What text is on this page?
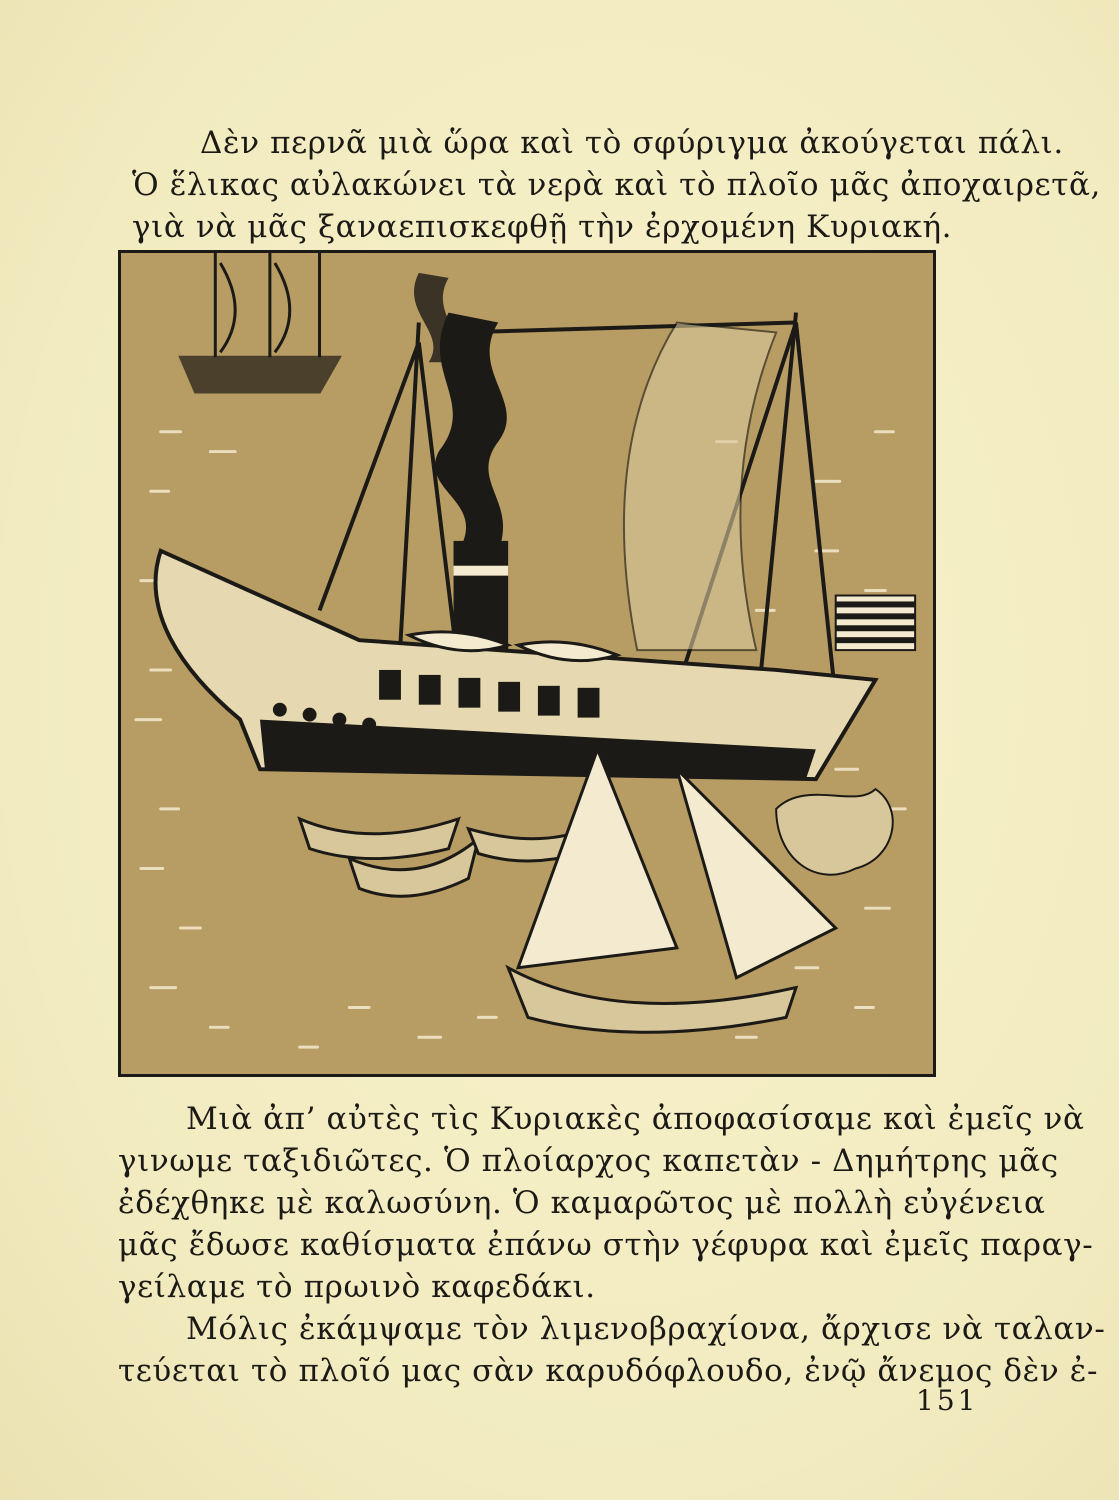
Δὲν περνᾶ μιὰ ὥρα καὶ τὸ σφύριγμα ἀκούγεται πάλι.
Ὁ ἕλικας αὐλακώνει τὰ νερὰ καὶ τὸ πλοῖο μᾶς ἀποχαιρετᾶ,
γιὰ νὰ μᾶς ξαναεπισκεφθῇ τὴν ἐρχομένη Κυριακή.
Μιὰ ἀπ’ αὐτὲς τὶς Κυριακὲς ἀποφασίσαμε καὶ ἐμεῖς νὰ
γινωμε ταξιδιῶτες. Ὁ πλοίαρχος καπετὰν - Δημήτρης μᾶς
ἐδέχθηκε μὲ καλωσύνη. Ὁ καμαρῶτος μὲ πολλὴ εὐγένεια
μᾶς ἔδωσε καθίσματα ἐπάνω στὴν γέφυρα καὶ ἐμεῖς παραγ-
γείλαμε τὸ πρωινὸ καφεδάκι.
Μόλις ἐκάμψαμε τὸν λιμενοβραχίονα, ἄρχισε νὰ ταλαν-
τεύεται τὸ πλοῖό μας σὰν καρυδόφλουδο, ἐνῷ ἄνεμος δὲν ἐ-
151
